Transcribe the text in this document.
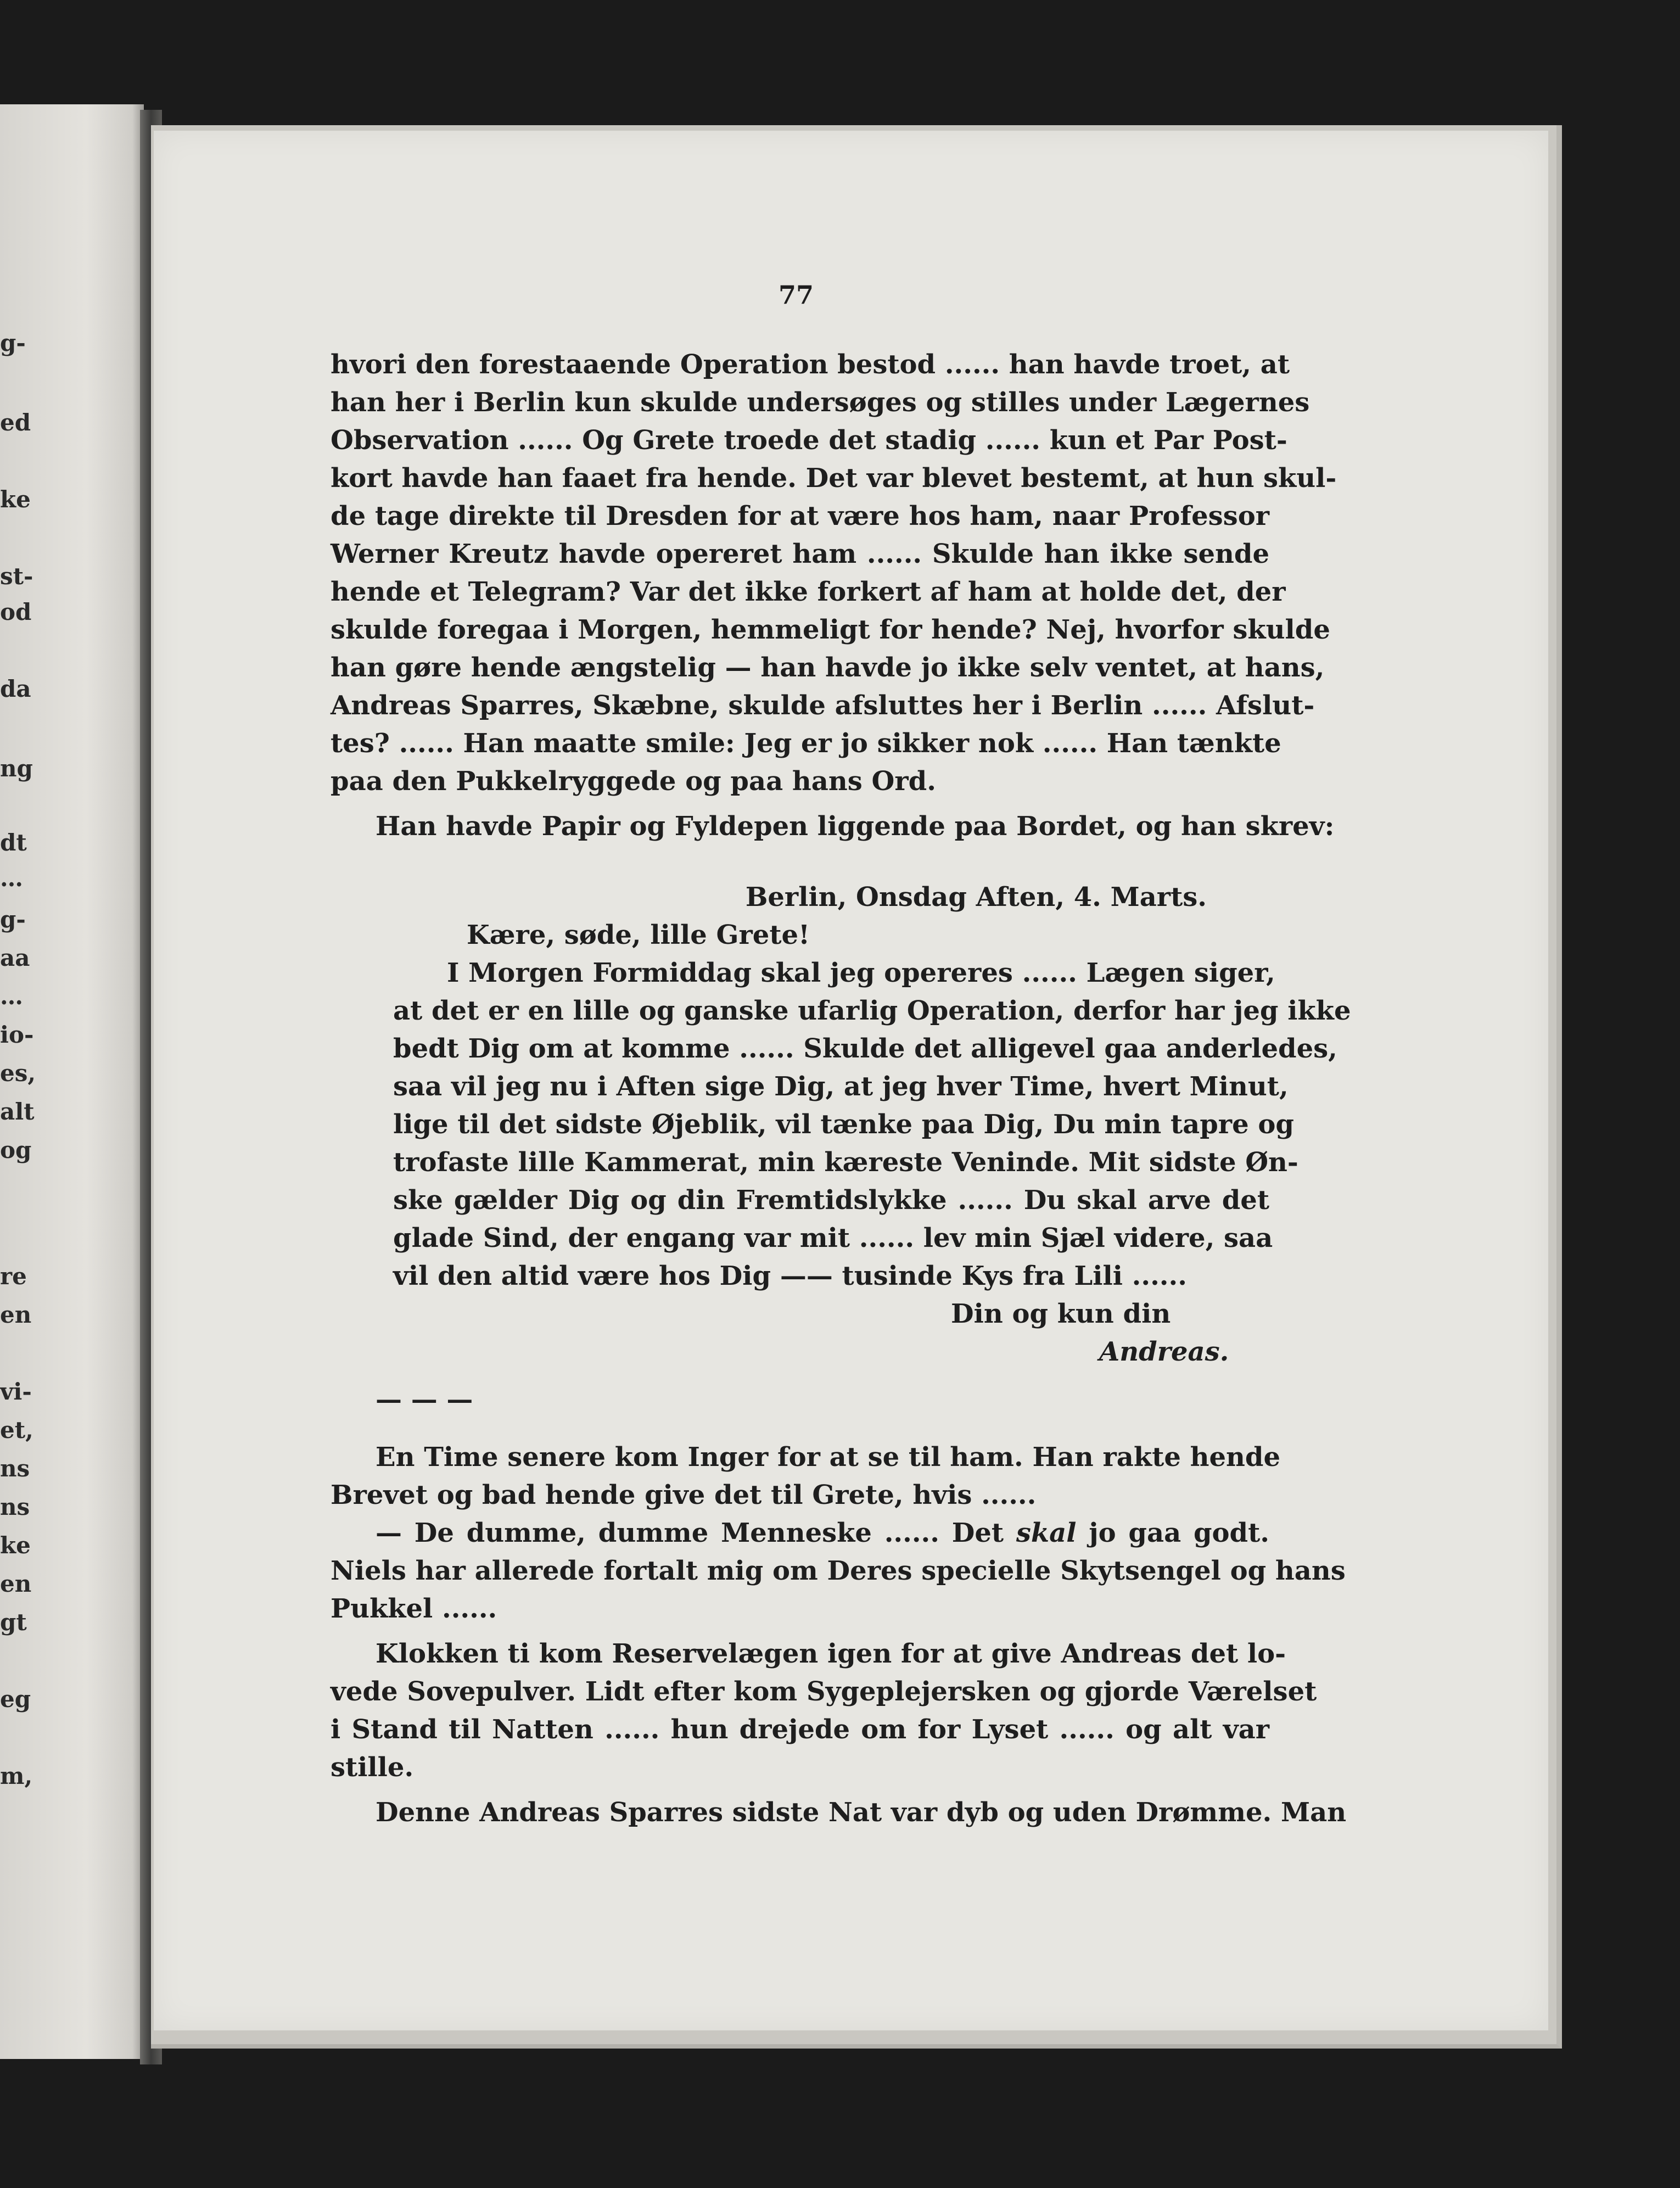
g-
ed
ke
st-
od
da
ng
dt
…
g-
aa
…
io-
es,
alt
og
re
en
vi-
et,
ns
ns
ke
en
gt
eg
m,
77
hvori den forestaaende Operation bestod ...... han havde troet, at
han her i Berlin kun skulde undersøges og stilles under Lægernes
Observation ...... Og Grete troede det stadig ...... kun et Par Post-
kort havde han faaet fra hende. Det var blevet bestemt, at hun skul-
de tage direkte til Dresden for at være hos ham, naar Professor
Werner Kreutz havde opereret ham ...... Skulde han ikke sende
hende et Telegram? Var det ikke forkert af ham at holde det, der
skulde foregaa i Morgen, hemmeligt for hende? Nej, hvorfor skulde
han gøre hende ængstelig — han havde jo ikke selv ventet, at hans,
Andreas Sparres, Skæbne, skulde afsluttes her i Berlin ...... Afslut-
tes? ...... Han maatte smile: Jeg er jo sikker nok ...... Han tænkte
paa den Pukkelryggede og paa hans Ord.
Han havde Papir og Fyldepen liggende paa Bordet, og han skrev:
Berlin, Onsdag Aften, 4. Marts.
Kære, søde, lille Grete!
I Morgen Formiddag skal jeg opereres ...... Lægen siger,
at det er en lille og ganske ufarlig Operation, derfor har jeg ikke
bedt Dig om at komme ...... Skulde det alligevel gaa anderledes,
saa vil jeg nu i Aften sige Dig, at jeg hver Time, hvert Minut,
lige til det sidste Øjeblik, vil tænke paa Dig, Du min tapre og
trofaste lille Kammerat, min kæreste Veninde. Mit sidste Øn-
ske gælder Dig og din Fremtidslykke ...... Du skal arve det
glade Sind, der engang var mit ...... lev min Sjæl videre, saa
vil den altid være hos Dig —— tusinde Kys fra Lili ......
Din og kun din
Andreas.
— — —
En Time senere kom Inger for at se til ham. Han rakte hende
Brevet og bad hende give det til Grete, hvis ......
— De dumme, dumme Menneske ...... Det skal jo gaa godt.
Niels har allerede fortalt mig om Deres specielle Skytsengel og hans
Pukkel ......
Klokken ti kom Reservelægen igen for at give Andreas det lo-
vede Sovepulver. Lidt efter kom Sygeplejersken og gjorde Værelset
i Stand til Natten ...... hun drejede om for Lyset ...... og alt var
stille.
Denne Andreas Sparres sidste Nat var dyb og uden Drømme. Man
